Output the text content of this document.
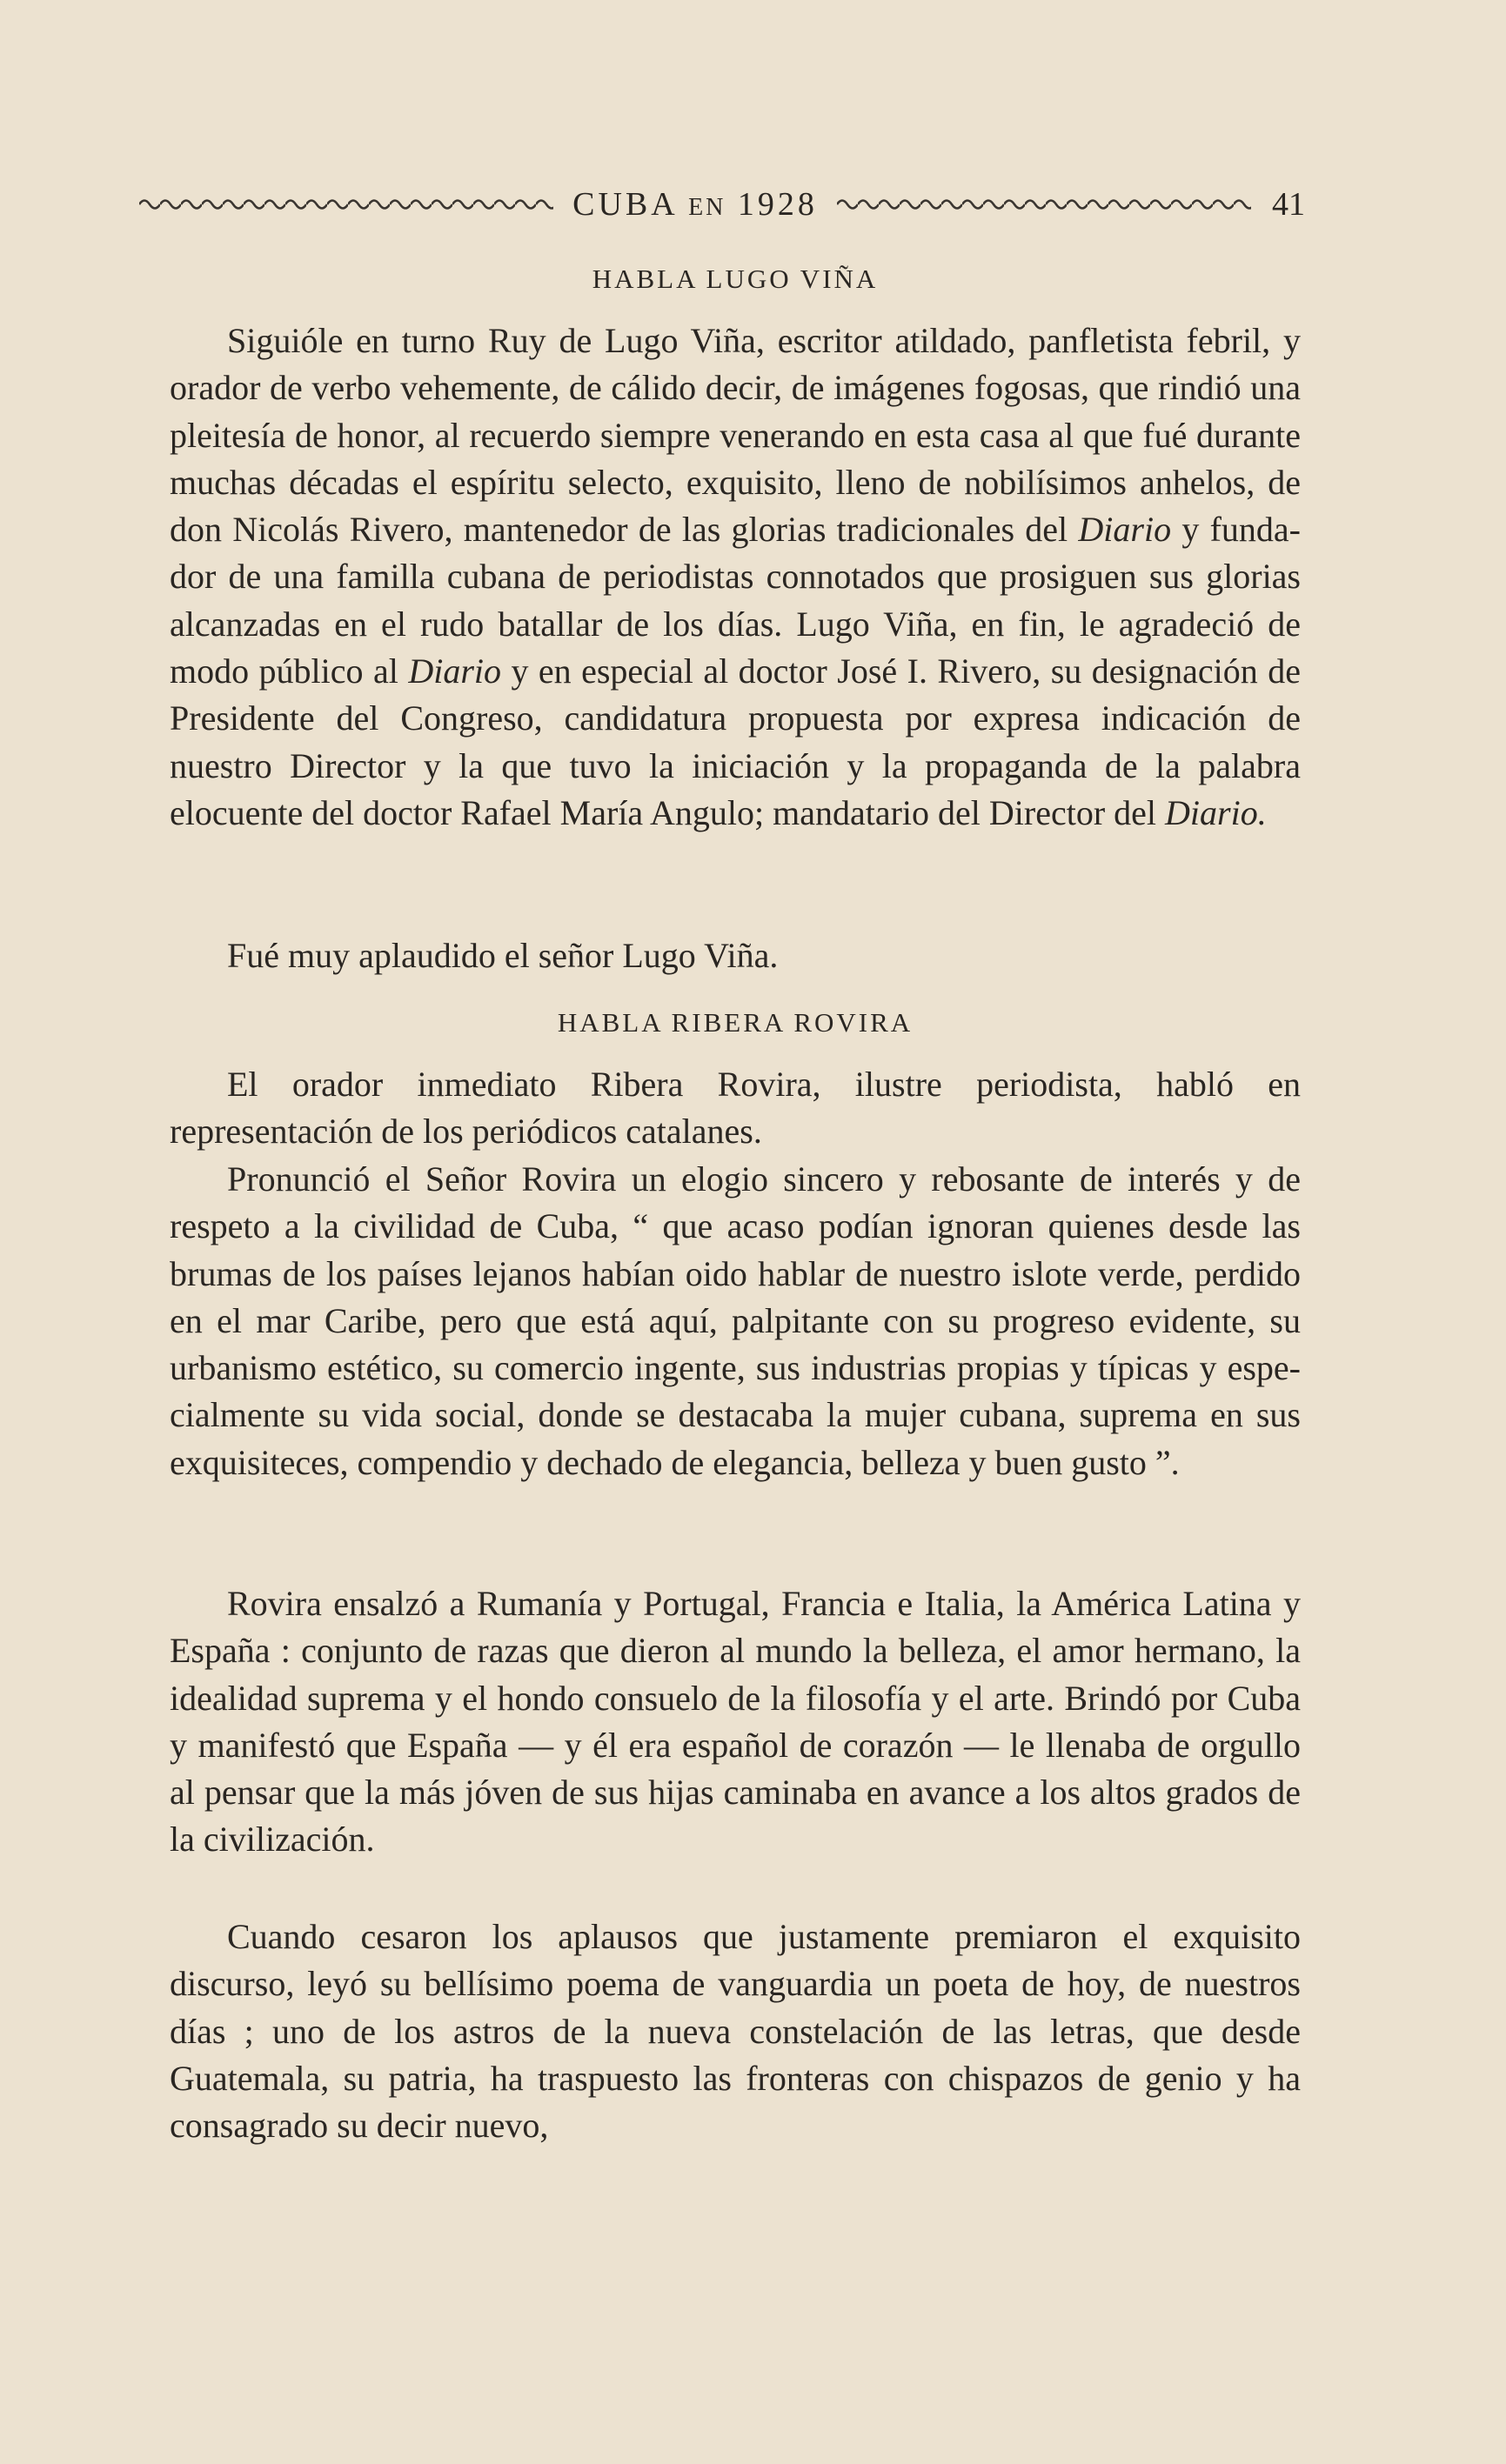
CUBA EN 1928	41
HABLA LUGO VIÑA
Siguióle en turno Ruy de Lugo Viña, escritor atildado, panfletista febril, y orador de verbo vehemente, de cálido decir, de imágenes fogosas, que rindió una pleitesía de honor, al recuerdo siempre venerando en esta casa al que fué durante muchas décadas el espíritu selecto, exquisito, lleno de nobilísimos anhelos, de don Nicolás Rivero, mantenedor de las glorias tradicionales del Diario y fundador de una familla cubana de periodistas connotados que prosiguen sus glorias alcanzadas en el rudo batallar de los días. Lugo Viña, en fin, le agradeció de modo público al Diario y en especial al doctor José I. Rivero, su designación de Presidente del Congreso, candidatura propuesta por expresa indicación de nuestro Director y la que tuvo la iniciación y la propaganda de la palabra elocuente del doctor Rafael María Angulo; mandatario del Director del Diario.
Fué muy aplaudido el señor Lugo Viña.
HABLA RIBERA ROVIRA
El orador inmediato Ribera Rovira, ilustre periodista, habló en representación de los periódicos catalanes.
Pronunció el Señor Rovira un elogio sincero y rebosante de interés y de respeto a la civilidad de Cuba, “ que acaso podían ignoran quienes desde las brumas de los países lejanos habían oido hablar de nuestro islote verde, perdido en el mar Caribe, pero que está aquí, palpitante con su progreso evidente, su urbanismo estético, su comercio ingente, sus industrias propias y típicas y especialmente su vida social, donde se destacaba la mujer cubana, suprema en sus exquisiteces, compendio y dechado de elegancia, belleza y buen gusto ”.
Rovira ensalzó a Rumanía y Portugal, Francia e Italia, la América Latina y España : conjunto de razas que dieron al mundo la belleza, el amor hermano, la idealidad suprema y el hondo consuelo de la filosofía y el arte. Brindó por Cuba y manifestó que España — y él era español de corazón — le llenaba de orgullo al pensar que la más jóven de sus hijas caminaba en avance a los altos grados de la civilización.
Cuando cesaron los aplausos que justamente premiaron el exquisito discurso, leyó su bellísimo poema de vanguardia un poeta de hoy, de nuestros días ; uno de los astros de la nueva constelación de las letras, que desde Guatemala, su patria, ha traspuesto las fronteras con chispazos de genio y ha consagrado su decir nuevo,
